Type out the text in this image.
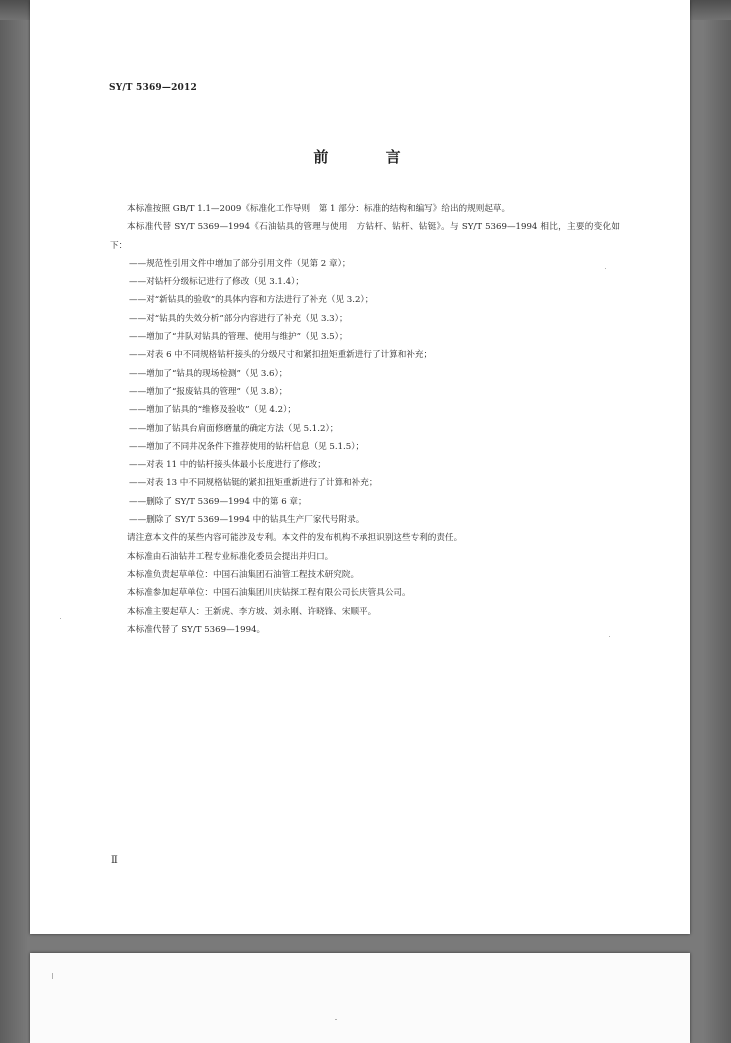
SY/T 5369—2012
前 言

本标准按照 GB/T 1.1—2009《标准化工作导则　第 1 部分：标准的结构和编写》给出的规则起草。

本标准代替 SY/T 5369—1994《石油钻具的管理与使用　方钻杆、钻杆、钻铤》。与 SY/T 5369—1994 相比，主要的变化如下：

——规范性引用文件中增加了部分引用文件（见第 2 章）；

——对钻杆分级标记进行了修改（见 3.1.4）；

——对“新钻具的验收”的具体内容和方法进行了补充（见 3.2）；

——对“钻具的失效分析”部分内容进行了补充（见 3.3）；

——增加了“井队对钻具的管理、使用与维护”（见 3.5）；

——对表 6 中不同规格钻杆接头的分级尺寸和紧扣扭矩重新进行了计算和补充；

——增加了“钻具的现场检测”（见 3.6）；

——增加了“报废钻具的管理”（见 3.8）；

——增加了钻具的“维修及验收”（见 4.2）；

——增加了钻具台肩面修磨量的确定方法（见 5.1.2）；

——增加了不同井况条件下推荐使用的钻杆信息（见 5.1.5）；

——对表 11 中的钻杆接头体最小长度进行了修改；

——对表 13 中不同规格钻铤的紧扣扭矩重新进行了计算和补充；

——删除了 SY/T 5369—1994 中的第 6 章；

——删除了 SY/T 5369—1994 中的钻具生产厂家代号附录。

请注意本文件的某些内容可能涉及专利。本文件的发布机构不承担识别这些专利的责任。

本标准由石油钻井工程专业标准化委员会提出并归口。

本标准负责起草单位：中国石油集团石油管工程技术研究院。

本标准参加起草单位：中国石油集团川庆钻探工程有限公司长庆管具公司。

本标准主要起草人：王新虎、李方坡、刘永刚、许晓锋、宋顺平。

本标准代替了 SY/T 5369—1994。

Ⅱ
